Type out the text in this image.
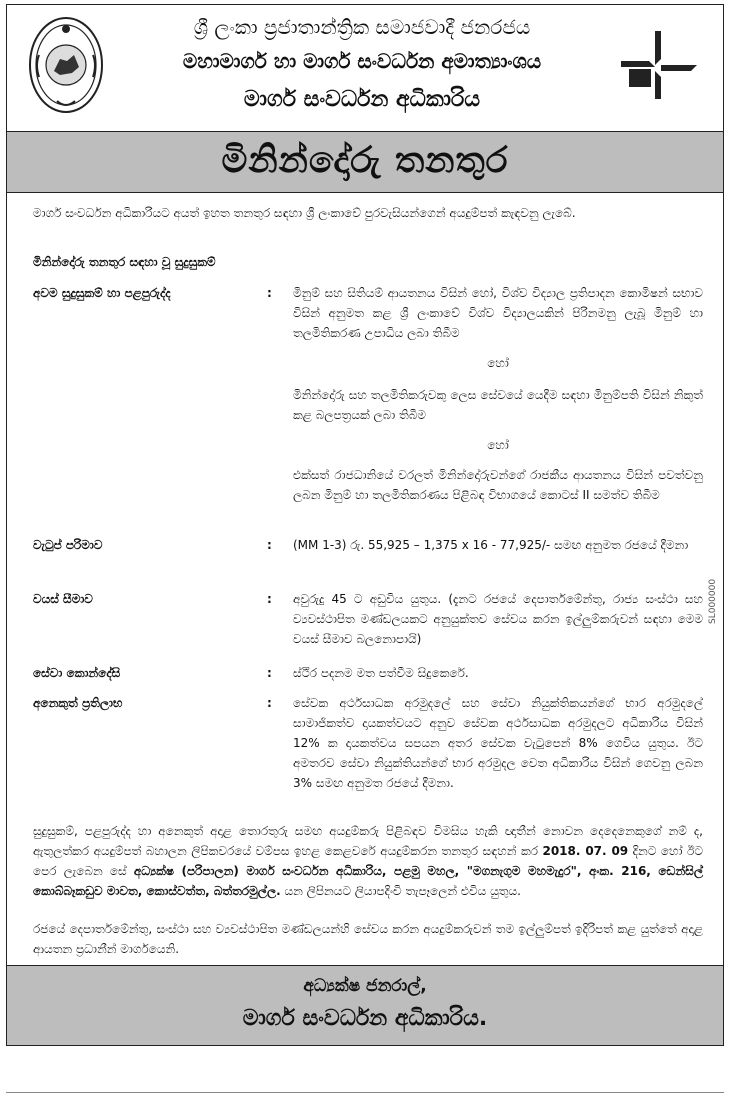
ශ්‍රී ලංකා ප්‍රජාතාන්ත්‍රික සමාජවාදී ජනරජය
මහාමාර්ග හා මාර්ග සංවර්ධන අමාත්‍යාංශය
මාර්ග සංවර්ධන අධිකාරිය
මිනින්දෝරු තනතුර
මාර්ග සංවර්ධන අධිකාරියට අයත් ඉහත තනතුර සඳහා ශ්‍රී ලංකාවේ පුරවැසියන්ගෙන් අයදුම්පත් කැඳවනු ලැබේ.
මිනින්දෝරු තනතුර සඳහා වූ සුදුසුකම්
අවම සුදුසුකම් හා පළපුරුද්ද	:	මිනුම් සහ සිතියම් ආයතනය විසින් හෝ, විශ්ව විද්‍යාල ප්‍රතිපාදන කොමිෂන් සභාව විසින් අනුමත කළ ශ්‍රී ලංකාවේ විශ්ව විද්‍යාලයකින් පිරිනමනු ලැබූ මිනුම් හා තලමිතිකරණ උපාධිය ලබා තිබීම
හෝ
මිනින්දෝරු සහ තලමිතිකරුවකු ලෙස සේවයේ යෙදීම සඳහා මිනුම්පති විසින් නිකුත් කළ බලපත්‍රයක් ලබා තිබීම
හෝ
එක්සත් රාජධානියේ වරලත් මිනින්දෝරුවන්ගේ රාජකීය ආයතනය විසින් පවත්වනු ලබන මිනුම් හා තලමිතිකරණය පිළිබඳ විභාගයේ කොටස් II සමත්ව තිබීම
වැටුප් පරිමාව	:	(MM 1-3) රු. 55,925 – 1,375 x 16 - 77,925/- සමඟ අනුමත රජයේ දීමනා
වයස් සීමාව	:	අවුරුදු 45 ට අඩුවිය යුතුය. (දැනට රජයේ දෙපාර්තමේන්තු, රාජ්‍ය සංස්ථා සහ ව්‍යවස්ථාපිත මණ්ඩලයකට අනුයුක්තව සේවය කරන ඉල්ලුම්කරුවන් සඳහා මෙම වයස් සීමාව බලනොපායි)
සේවා කොන්දේසි	:	ස්ථිර පදනම මත පත්වීම සිදුකෙරේ.
අනෙකුත් ප්‍රතිලාභ	:	සේවක අර්ථසාධක අරමුදලේ සහ සේවා නියුක්තිකයන්ගේ භාර අරමුදලේ සාමාජිකත්ව දායකත්වයට අනුව සේවක අර්ථසාධක අරමුදලට අධිකාරිය විසින් 12% ක දායකත්වය සපයන අතර සේවක වැටුපෙන් 8% ගෙවිය යුතුය. ඊට අමතරව සේවා නියුක්තියන්ගේ භාර අරමුදල වෙත අධිකාරිය විසින් ගෙවනු ලබන 3% සමඟ අනුමත රජයේ දීමනා.
සුදුසුකම්, පළපුරුද්ද හා අනෙකුත් අදාළ තොරතුරු සමඟ අයදුම්කරු පිළිබඳව විමසිය හැකි ඥාතීන් නොවන දෙදෙනෙකුගේ නම් ද, ඇතුලත්කර අයදුම්පත් බහාලන ලිපිකවරයේ වම්පස ඉහළ කෙළවරේ අයදුම්කරන තනතුර සඳහන් කර 2018. 07. 09 දිනට හෝ ඊට පෙර ලැබෙන සේ අධ්‍යක්ෂ (පරිපාලන) මාර්ග සංවර්ධන අධිකාරිය, පළමු මහල, "මගනැගුම මහමැදුර", අංක. 216, ඩෙන්සිල් කොබ්බෑකඩුව මාවත, කොස්වත්ත, බත්තරමුල්ල. යන ලිපිනයට ලියාපදිංචි තැපෑලෙන් එවිය යුතුය.
රජයේ දෙපාර්තමේන්තු, සංස්ථා සහ ව්‍යවස්ථාපිත මණ්ඩලයන්හි සේවය කරන අයදුම්කරුවන් තම ඉල්ලුම්පත් ඉදිරිපත් කළ යුත්තේ අදාළ ආයතන ප්‍රධානීන් මාර්ගයෙනි.
අධ්‍යක්ෂ ජනරාල්,
මාර්ග සංවර්ධන අධිකාරිය.
SL000000
